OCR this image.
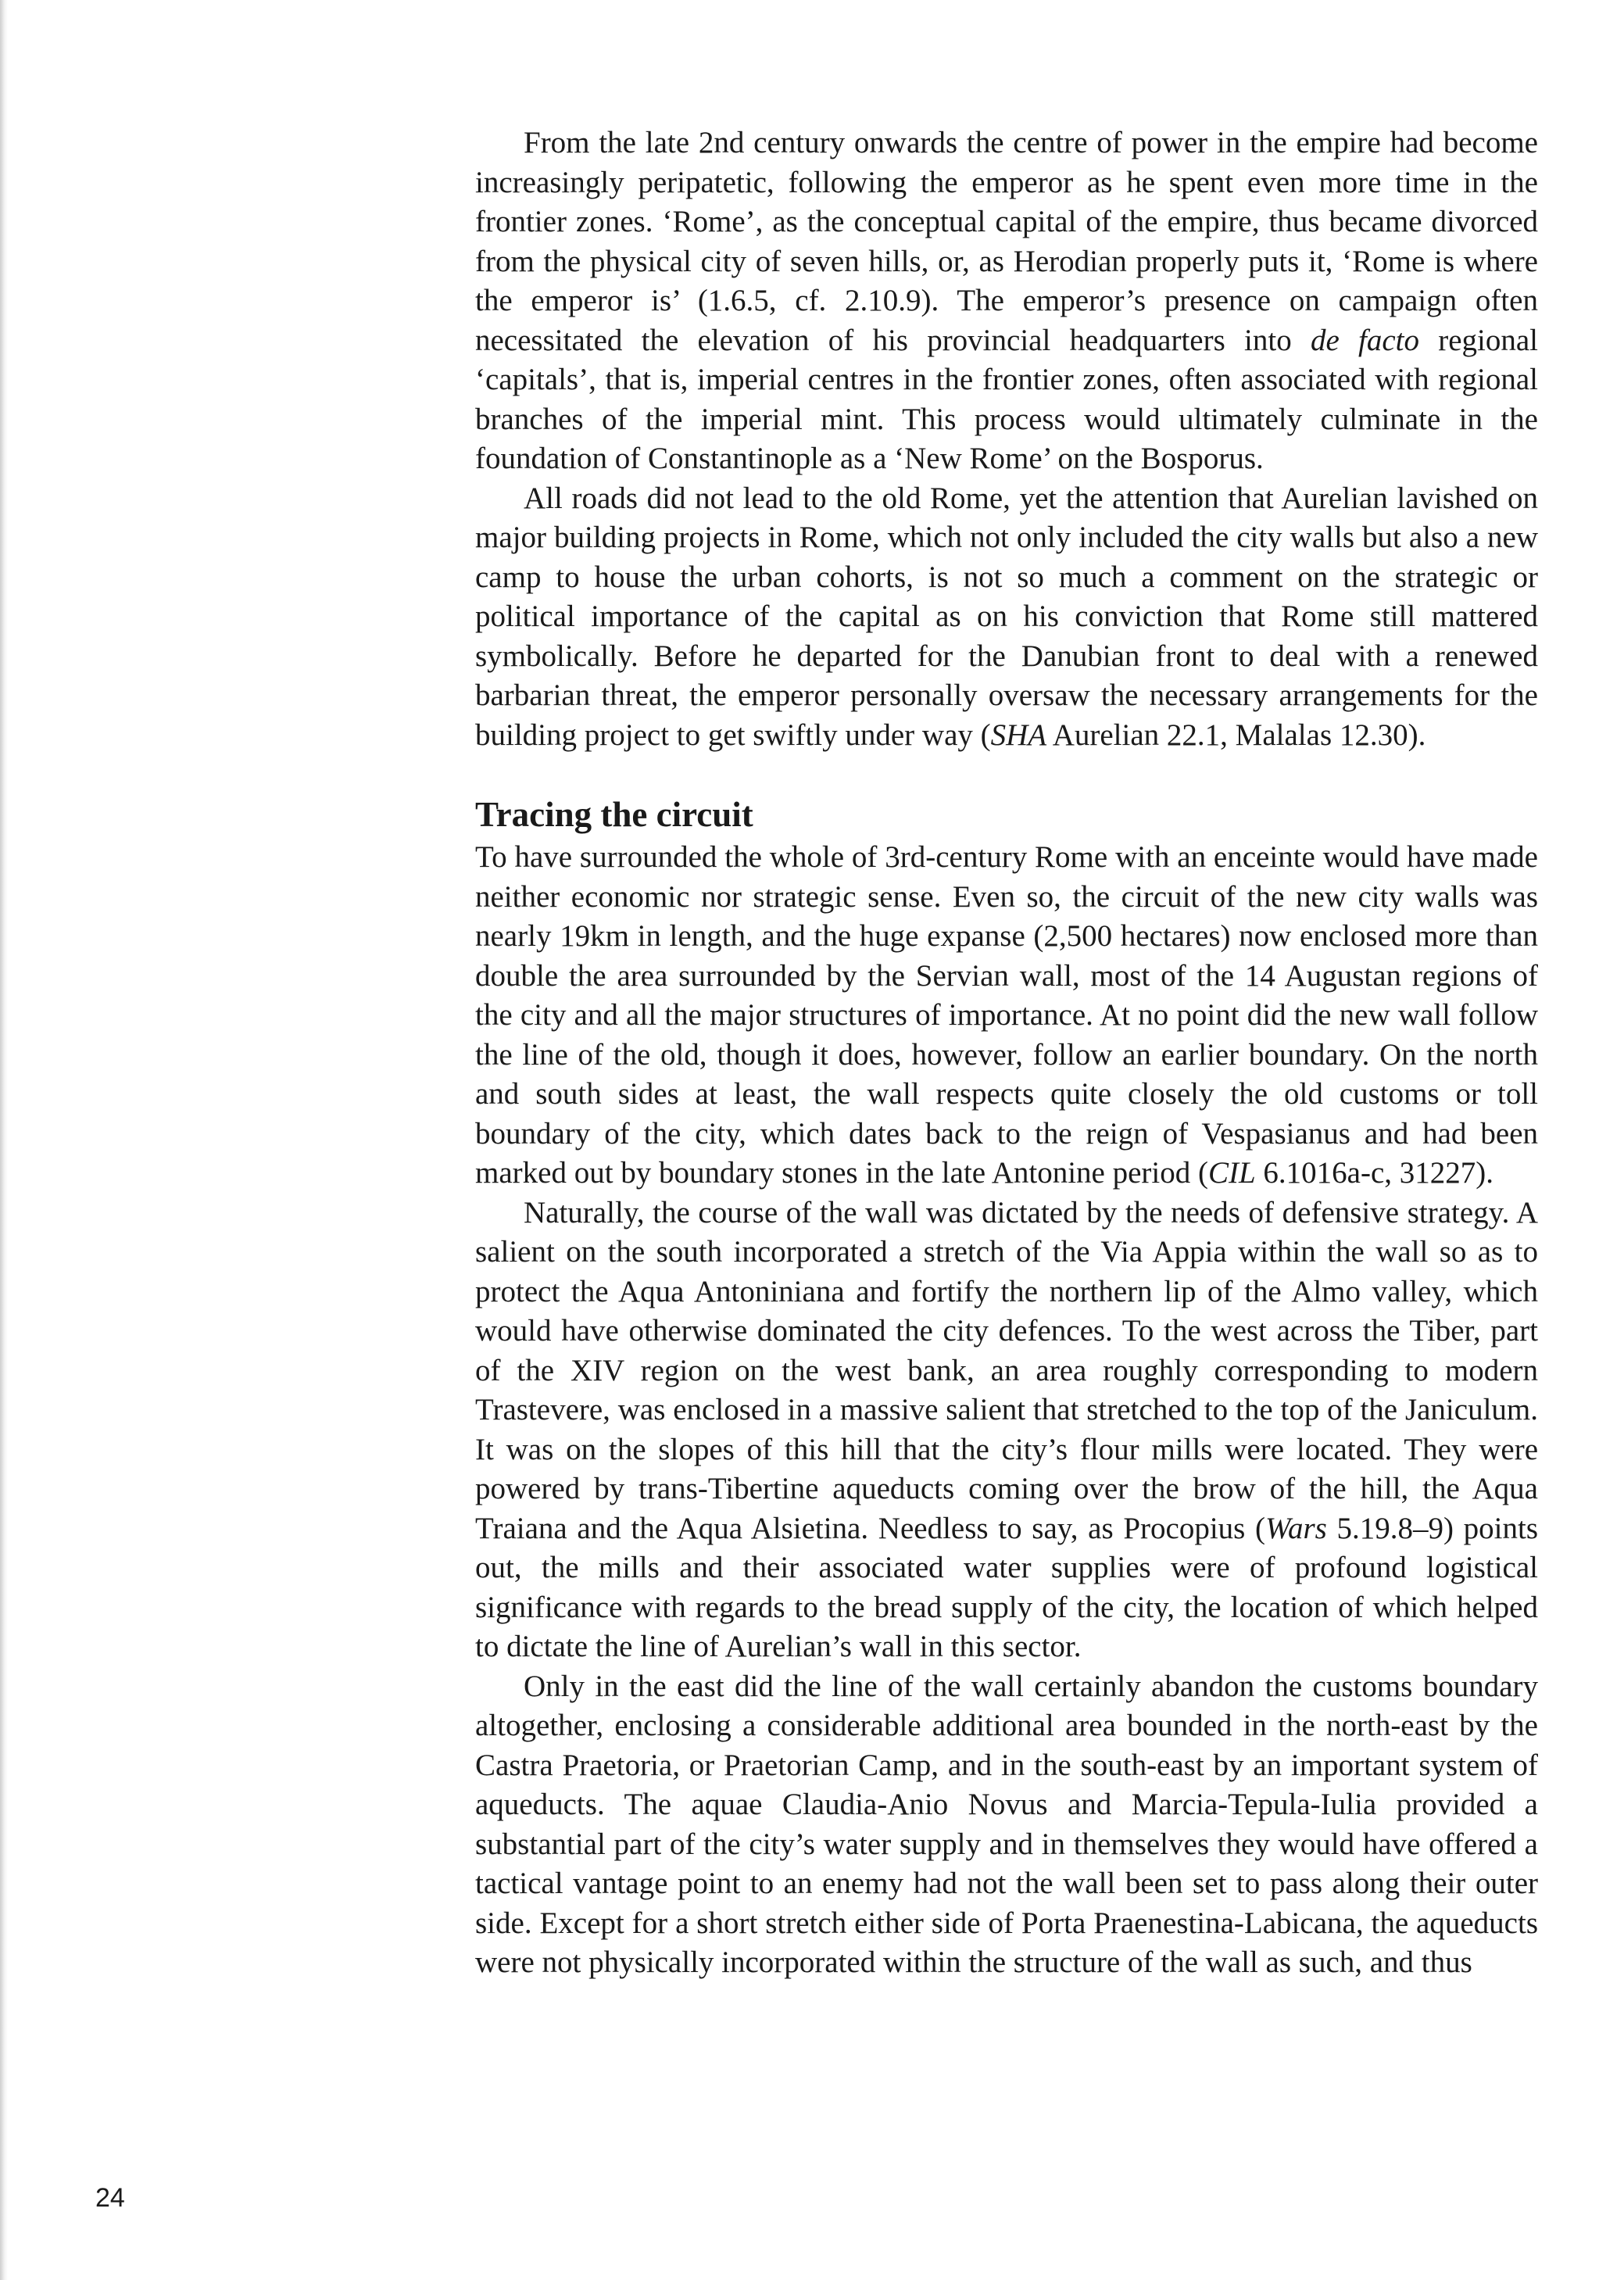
From the late 2nd century onwards the centre of power in the empire had become increasingly peripatetic, following the emperor as he spent even more time in the frontier zones. ‘Rome’, as the conceptual capital of the empire, thus became divorced from the physical city of seven hills, or, as Herodian properly puts it, ‘Rome is where the emperor is’ (1.6.5, cf. 2.10.9). The emperor’s presence on campaign often necessitated the elevation of his provincial headquarters into de facto regional ‘capitals’, that is, imperial centres in the frontier zones, often associated with regional branches of the imperial mint. This process would ultimately culminate in the foundation of Constantinople as a ‘New Rome’ on the Bosporus.

All roads did not lead to the old Rome, yet the attention that Aurelian lavished on major building projects in Rome, which not only included the city walls but also a new camp to house the urban cohorts, is not so much a comment on the strategic or political importance of the capital as on his conviction that Rome still mattered symbolically. Before he departed for the Danubian front to deal with a renewed barbarian threat, the emperor personally oversaw the necessary arrangements for the building project to get swiftly under way (SHA Aurelian 22.1, Malalas 12.30).

Tracing the circuit

To have surrounded the whole of 3rd-century Rome with an enceinte would have made neither economic nor strategic sense. Even so, the circuit of the new city walls was nearly 19km in length, and the huge expanse (2,500 hectares) now enclosed more than double the area surrounded by the Servian wall, most of the 14 Augustan regions of the city and all the major structures of importance. At no point did the new wall follow the line of the old, though it does, however, follow an earlier boundary. On the north and south sides at least, the wall respects quite closely the old customs or toll boundary of the city, which dates back to the reign of Vespasianus and had been marked out by boundary stones in the late Antonine period (CIL 6.1016a-c, 31227).

Naturally, the course of the wall was dictated by the needs of defensive strategy. A salient on the south incorporated a stretch of the Via Appia within the wall so as to protect the Aqua Antoniniana and fortify the northern lip of the Almo valley, which would have otherwise dominated the city defences. To the west across the Tiber, part of the XIV region on the west bank, an area roughly corresponding to modern Trastevere, was enclosed in a massive salient that stretched to the top of the Janiculum. It was on the slopes of this hill that the city’s flour mills were located. They were powered by trans-Tibertine aqueducts coming over the brow of the hill, the Aqua Traiana and the Aqua Alsietina. Needless to say, as Procopius (Wars 5.19.8–9) points out, the mills and their associated water supplies were of profound logistical significance with regards to the bread supply of the city, the location of which helped to dictate the line of Aurelian’s wall in this sector.

Only in the east did the line of the wall certainly abandon the customs boundary altogether, enclosing a considerable additional area bounded in the north-east by the Castra Praetoria, or Praetorian Camp, and in the south-east by an important system of aqueducts. The aquae Claudia-Anio Novus and Marcia-Tepula-Iulia provided a substantial part of the city’s water supply and in themselves they would have offered a tactical vantage point to an enemy had not the wall been set to pass along their outer side. Except for a short stretch either side of Porta Praenestina-Labicana, the aqueducts were not physically incorporated within the structure of the wall as such, and thus

24
